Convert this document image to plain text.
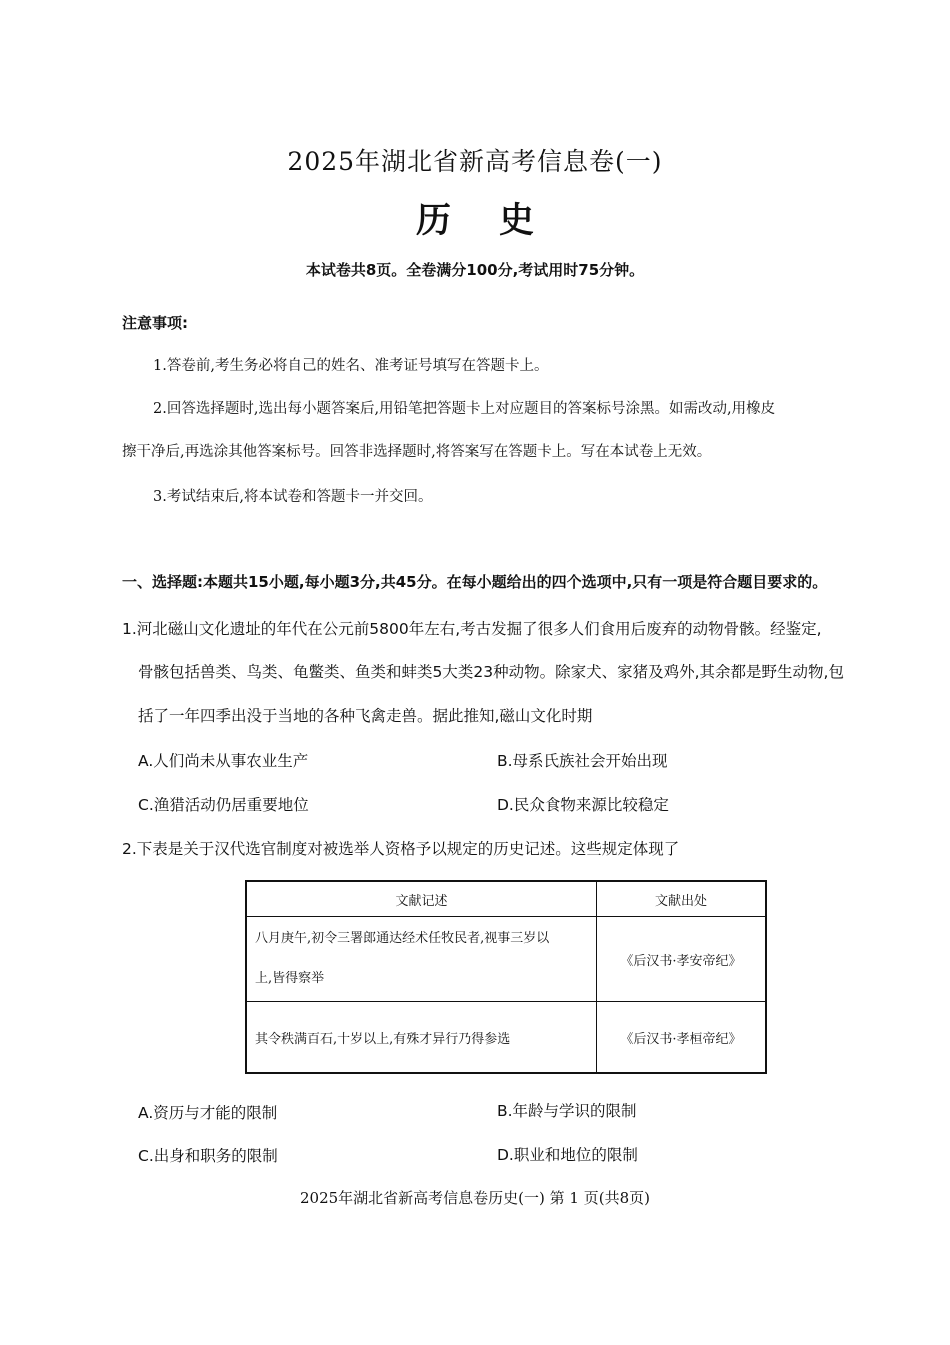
2025年湖北省新高考信息卷(一)
历 史
本试卷共8页。全卷满分100分,考试用时75分钟。
注意事项:
1.答卷前,考生务必将自己的姓名、准考证号填写在答题卡上。
2.回答选择题时,选出每小题答案后,用铅笔把答题卡上对应题目的答案标号涂黑。如需改动,用橡皮
擦干净后,再选涂其他答案标号。回答非选择题时,将答案写在答题卡上。写在本试卷上无效。
3.考试结束后,将本试卷和答题卡一并交回。
一、选择题:本题共15小题,每小题3分,共45分。在每小题给出的四个选项中,只有一项是符合题目要求的。
1.河北磁山文化遗址的年代在公元前5800年左右,考古发掘了很多人们食用后废弃的动物骨骸。经鉴定,
骨骸包括兽类、鸟类、龟鳖类、鱼类和蚌类5大类23种动物。除家犬、家猪及鸡外,其余都是野生动物,包
括了一年四季出没于当地的各种飞禽走兽。据此推知,磁山文化时期
A.人们尚未从事农业生产	B.母系氏族社会开始出现
C.渔猎活动仍居重要地位	D.民众食物来源比较稳定
2.下表是关于汉代选官制度对被选举人资格予以规定的历史记述。这些规定体现了
文献记述	文献出处
八月庚午,初令三署郎通达经术任牧民者,视事三岁以
上,皆得察举	《后汉书·孝安帝纪》
其令秩满百石,十岁以上,有殊才异行乃得参选	《后汉书·孝桓帝纪》
A.资历与才能的限制	B.年龄与学识的限制
C.出身和职务的限制	D.职业和地位的限制
2025年湖北省新高考信息卷历史(一) 第 1 页(共8页)
